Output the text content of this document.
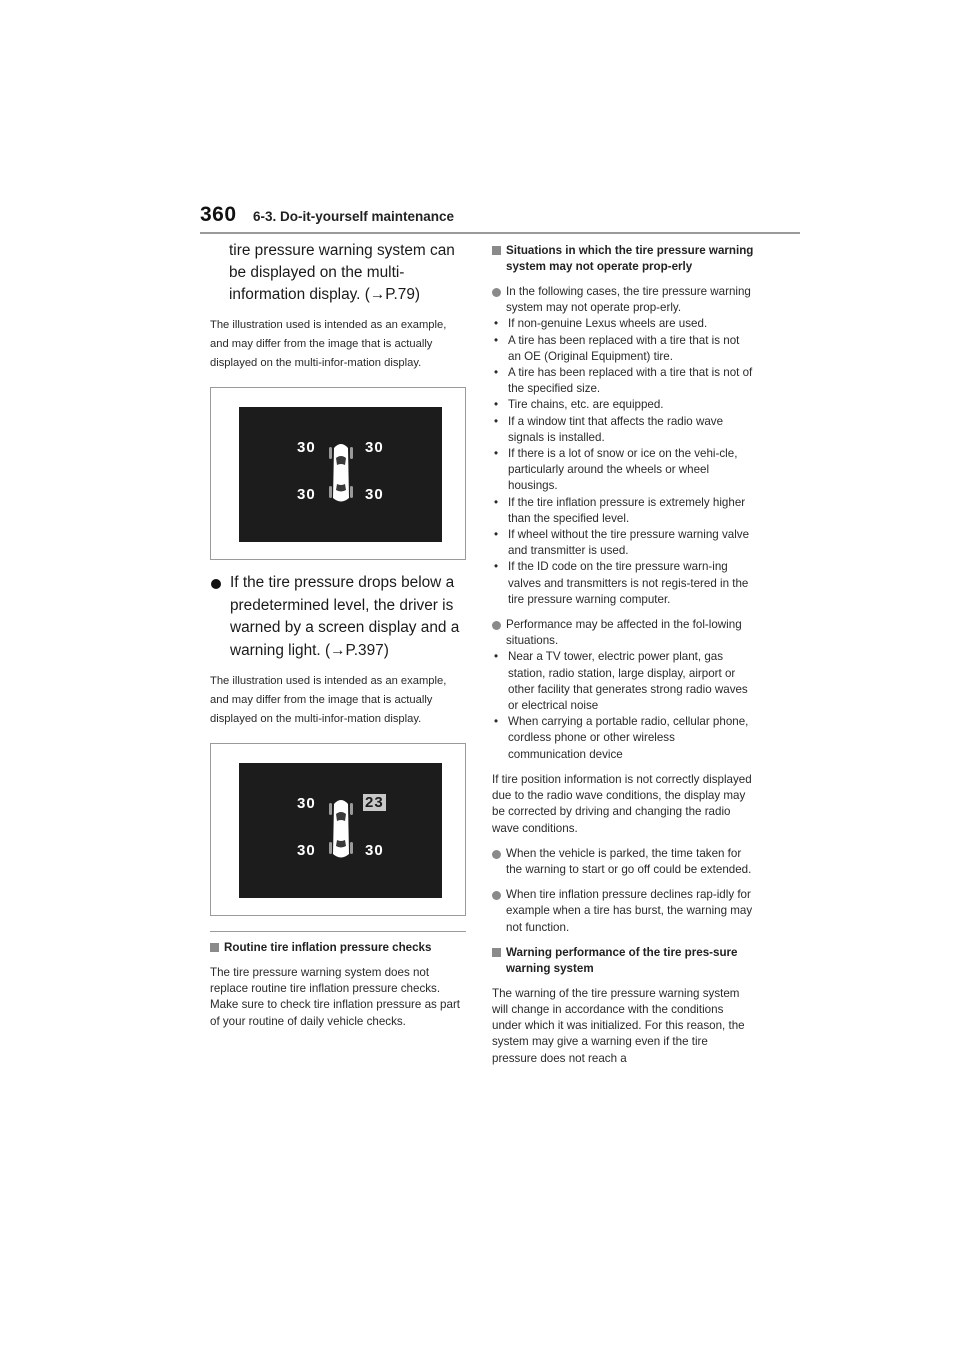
360 6-3. Do-it-yourself maintenance

tire pressure warning system can be displayed on the multi-information display. (→P.79)

The illustration used is intended as an example, and may differ from the image that is actually displayed on the multi-infor-mation display.

30	30
30	30
If the tire pressure drops below a predetermined level, the driver is warned by a screen display and a warning light. (→P.397)

The illustration used is intended as an example, and may differ from the image that is actually displayed on the multi-infor-mation display.

30	23
30	30
Routine tire inflation pressure checks

The tire pressure warning system does not replace routine tire inflation pressure checks. Make sure to check tire inflation pressure as part of your routine of daily vehicle checks.

Situations in which the tire pressure warning system may not operate prop-erly
In the following cases, the tire pressure warning system may not operate prop-erly.
• If non-genuine Lexus wheels are used.
• A tire has been replaced with a tire that is not an OE (Original Equipment) tire.
• A tire has been replaced with a tire that is not of the specified size.
• Tire chains, etc. are equipped.
• If a window tint that affects the radio wave signals is installed.
• If there is a lot of snow or ice on the vehi-cle, particularly around the wheels or wheel housings.
• If the tire inflation pressure is extremely higher than the specified level.
• If wheel without the tire pressure warning valve and transmitter is used.
• If the ID code on the tire pressure warn-ing valves and transmitters is not regis-tered in the tire pressure warning computer.
Performance may be affected in the fol-lowing situations.
• Near a TV tower, electric power plant, gas station, radio station, large display, airport or other facility that generates strong radio waves or electrical noise
• When carrying a portable radio, cellular phone, cordless phone or other wireless communication device

If tire position information is not correctly displayed due to the radio wave conditions, the display may be corrected by driving and changing the radio wave conditions.

When the vehicle is parked, the time taken for the warning to start or go off could be extended.
When tire inflation pressure declines rap-idly for example when a tire has burst, the warning may not function.
Warning performance of the tire pres-sure warning system

The warning of the tire pressure warning system will change in accordance with the conditions under which it was initialized. For this reason, the system may give a warning even if the tire pressure does not reach a
